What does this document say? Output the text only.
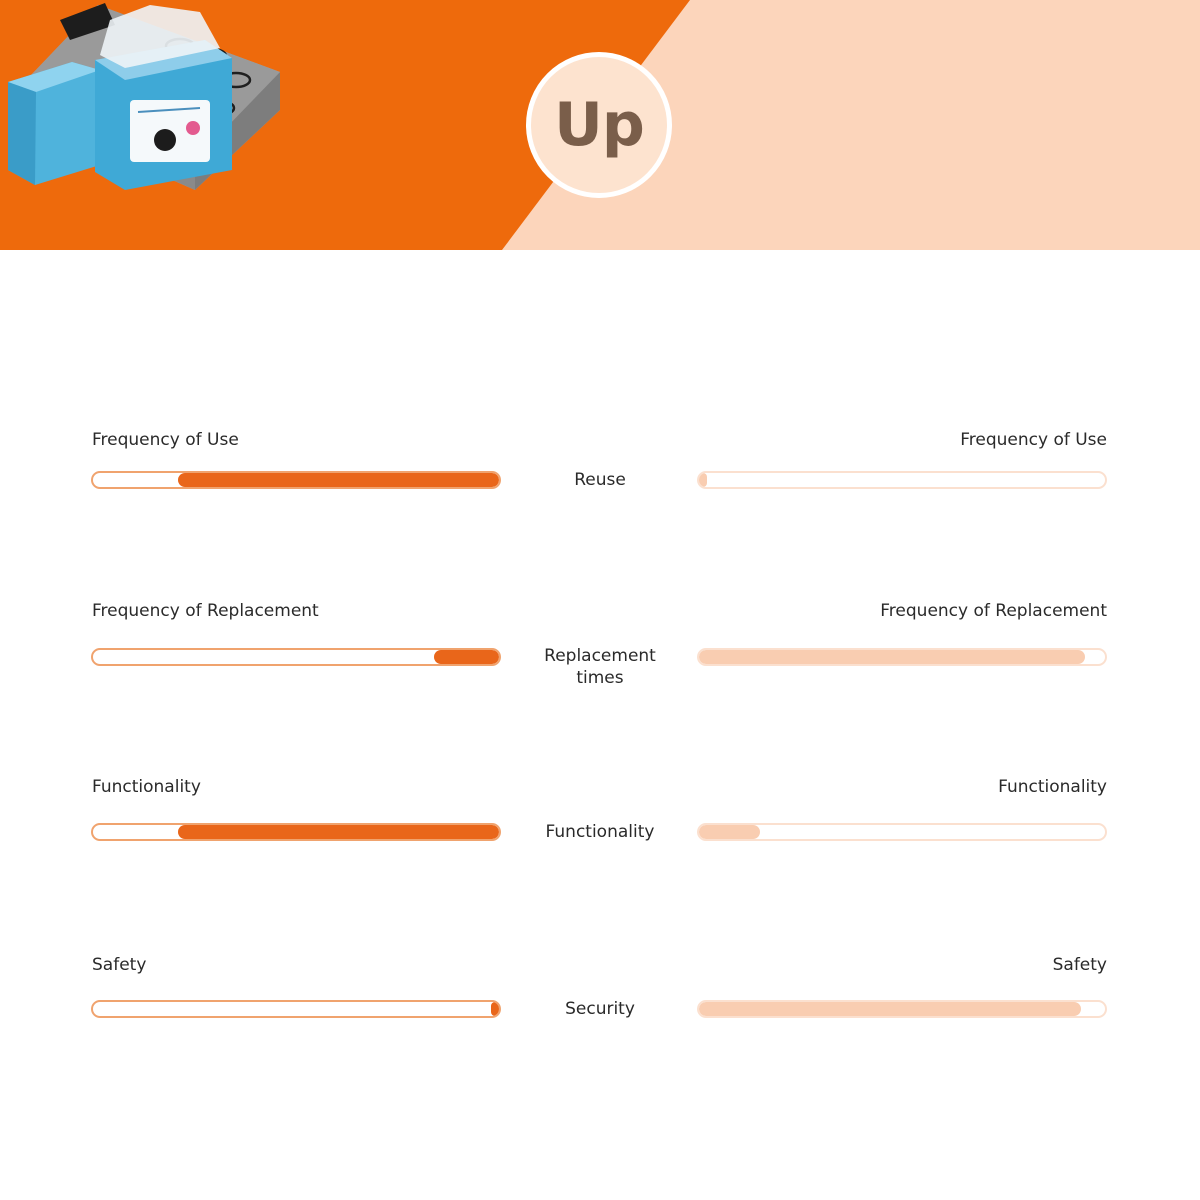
Up
Frequency of Use	Frequency of Use
Reuse
Frequency of Replacement	Frequency of Replacement
Replacement times
Functionality	Functionality
Functionality
Safety	Safety
Security
